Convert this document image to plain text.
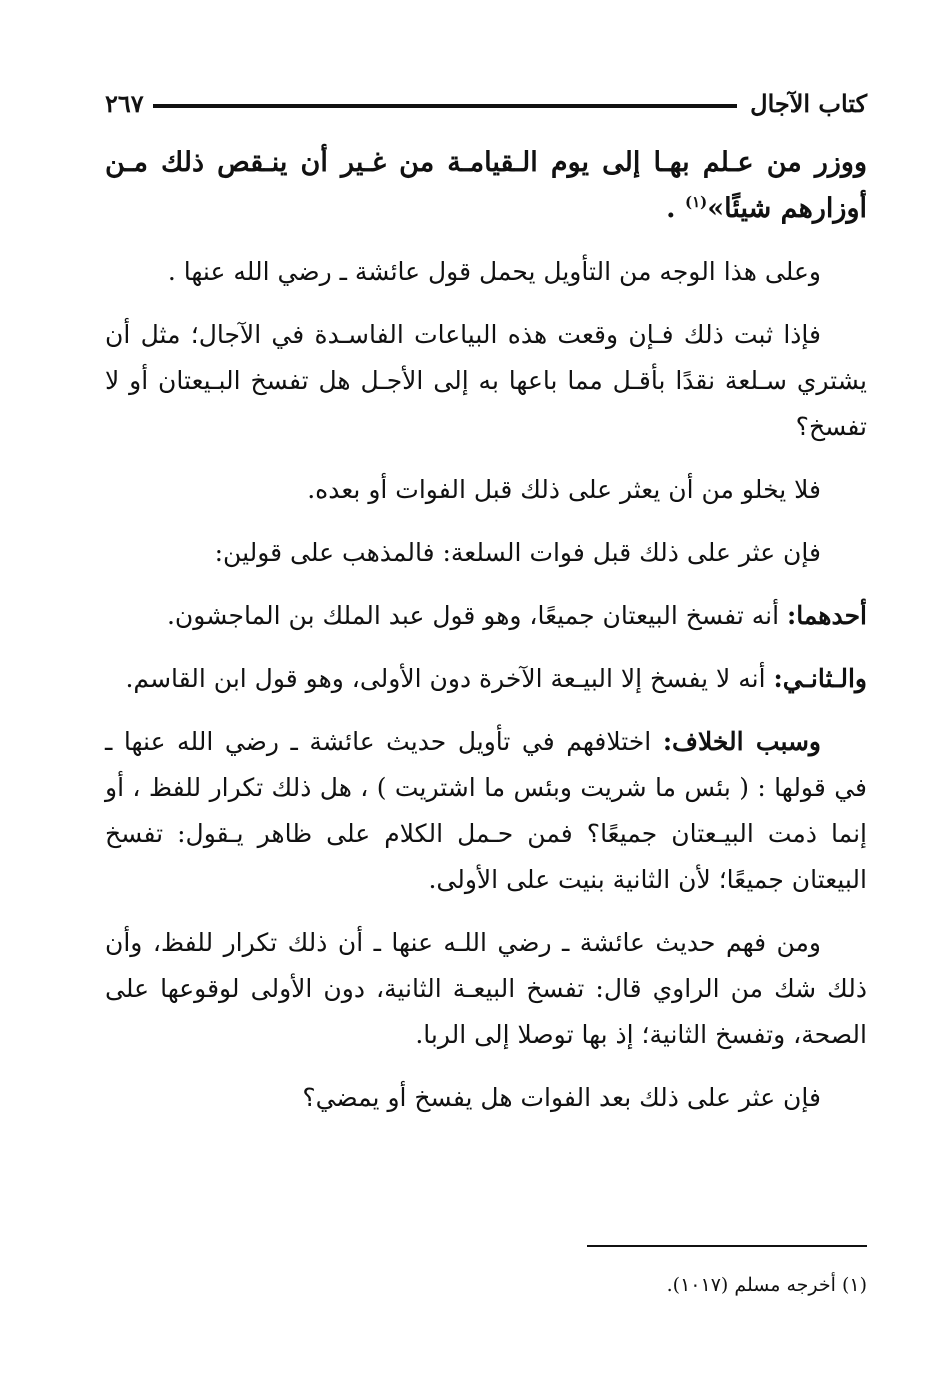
كتاب الآجال
٢٦٧

ووزر من عـلم بهـا إلى يوم الـقيامـة من غـير أن ينـقص ذلك مـن أوزارهم شيئًا»$^{(١)}$ .

وعلى هذا الوجه من التأويل يحمل قول عائشة ـ رضي الله عنها .

فإذا ثبت ذلك فـإن وقعت هذه البياعات الفاسـدة في الآجال؛ مثل أن يشتري سـلعة نقدًا بأقـل مما باعها به إلى الأجـل هل تفسخ البـيعتان أو لا تفسخ؟

فلا يخلو من أن يعثر على ذلك قبل الفوات أو بعده.

فإن عثر على ذلك قبل فوات السلعة: فالمذهب على قولين:

أحدهما: أنه تفسخ البيعتان جميعًا، وهو قول عبد الملك بن الماجشون.

والـثانـي: أنه لا يفسخ إلا البيـعة الآخرة دون الأولى، وهو قول ابن القاسم.

وسبب الخلاف: اختلافهم في تأويل حديث عائشة ـ رضي الله عنها ـ في قولها : ( بئس ما شريت وبئس ما اشتريت ) ، هل ذلك تكرار للفظ ، أو إنما ذمت البيـعتان جميعًا؟ فمن حـمل الكلام على ظاهر يـقول: تفسخ البيعتان جميعًا؛ لأن الثانية بنيت على الأولى.

ومن فهم حديث عائشة ـ رضي اللـه عنها ـ أن ذلك تكرار للفظ، وأن ذلك شك من الراوي قال: تفسخ البيعـة الثانية، دون الأولى لوقوعها على الصحة، وتفسخ الثانية؛ إذ بها توصلا إلى الربا.

فإن عثر على ذلك بعد الفوات هل يفسخ أو يمضي؟

(١) أخرجه مسلم (١٠١٧).
